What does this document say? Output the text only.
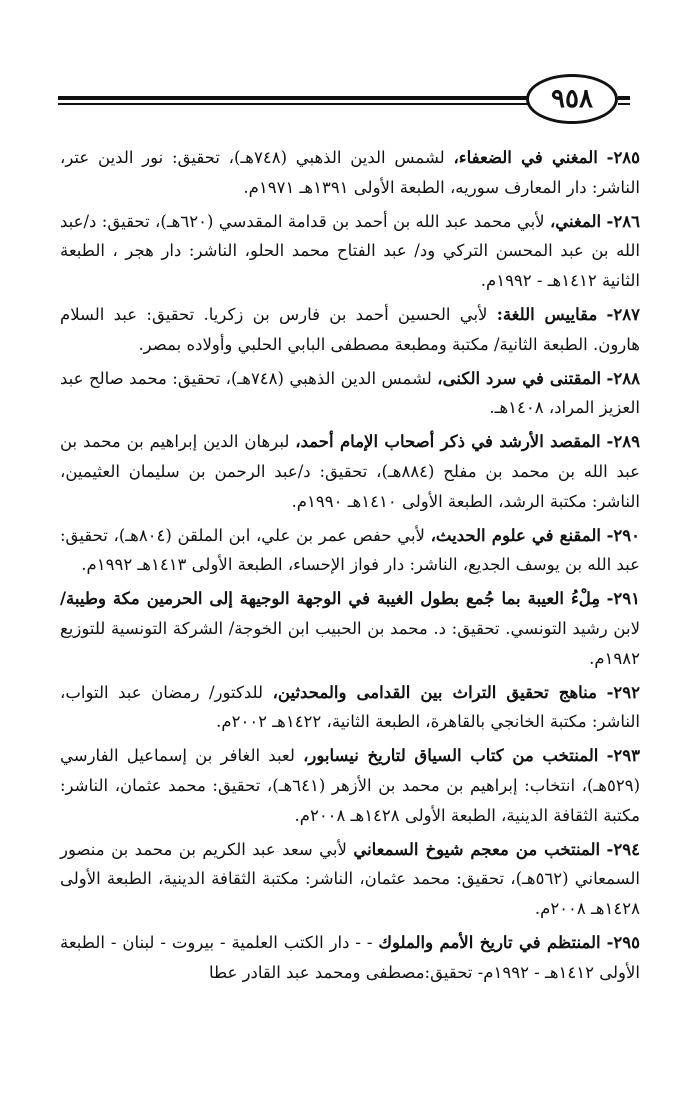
٩٥٨

٢٨٥- المغني في الضعفاء، لشمس الدين الذهبي (٧٤٨هـ)، تحقيق: نور الدين عتر، الناشر: دار المعارف سوريه، الطبعة الأولى ١٣٩١هـ ١٩٧١م.

٢٨٦- المغني، لأبي محمد عبد الله بن أحمد بن قدامة المقدسي (٦٢٠هـ)، تحقيق: د/عبد الله بن عبد المحسن التركي ود/ عبد الفتاح محمد الحلو، الناشر: دار هجر ، الطبعة الثانية ١٤١٢هـ - ١٩٩٢م.

٢٨٧- مقاييس اللغة: لأبي الحسين أحمد بن فارس بن زكريا. تحقيق: عبد السلام هارون. الطبعة الثانية/ مكتبة ومطبعة مصطفى البابي الحلبي وأولاده بمصر.

٢٨٨- المقتنى في سرد الكنى، لشمس الدين الذهبي (٧٤٨هـ)، تحقيق: محمد صالح عبد العزيز المراد، ١٤٠٨هـ.

٢٨٩- المقصد الأرشد في ذكر أصحاب الإمام أحمد، لبرهان الدين إبراهيم بن محمد بن عبد الله بن محمد بن مفلح (٨٨٤هـ)، تحقيق: د/عبد الرحمن بن سليمان العثيمين، الناشر: مكتبة الرشد، الطبعة الأولى ١٤١٠هـ ١٩٩٠م.

٢٩٠- المقنع في علوم الحديث، لأبي حفص عمر بن علي، ابن الملقن (٨٠٤هـ)، تحقيق: عبد الله بن يوسف الجديع، الناشر: دار فواز الإحساء، الطبعة الأولى ١٤١٣هـ ١٩٩٢م.

٢٩١- مِلْءُ العيبة بما جُمع بطول الغيبة في الوجهة الوجيهة إلى الحرمين مكة وطيبة/ لابن رشيد التونسي. تحقيق: د. محمد بن الحبيب ابن الخوجة/ الشركة التونسية للتوزيع ١٩٨٢م.

٢٩٢- مناهج تحقيق التراث بين القدامى والمحدثين، للدكتور/ رمضان عبد التواب، الناشر: مكتبة الخانجي بالقاهرة، الطبعة الثانية، ١٤٢٢هـ ٢٠٠٢م.

٢٩٣- المنتخب من كتاب السياق لتاريخ نيسابور، لعبد الغافر بن إسماعيل الفارسي (٥٢٩هـ)، انتخاب: إبراهيم بن محمد بن الأزهر (٦٤١هـ)، تحقيق: محمد عثمان، الناشر: مكتبة الثقافة الدينية، الطبعة الأولى ١٤٢٨هـ ٢٠٠٨م.

٢٩٤- المنتخب من معجم شيوخ السمعاني لأبي سعد عبد الكريم بن محمد بن منصور السمعاني (٥٦٢هـ)، تحقيق: محمد عثمان، الناشر: مكتبة الثقافة الدينية، الطبعة الأولى ١٤٢٨هـ ٢٠٠٨م.

٢٩٥- المنتظم في تاريخ الأمم والملوك - - دار الكتب العلمية - بيروت - لبنان - الطبعة الأولى ١٤١٢هـ - ١٩٩٢م- تحقيق:مصطفى ومحمد عبد القادر عطا
